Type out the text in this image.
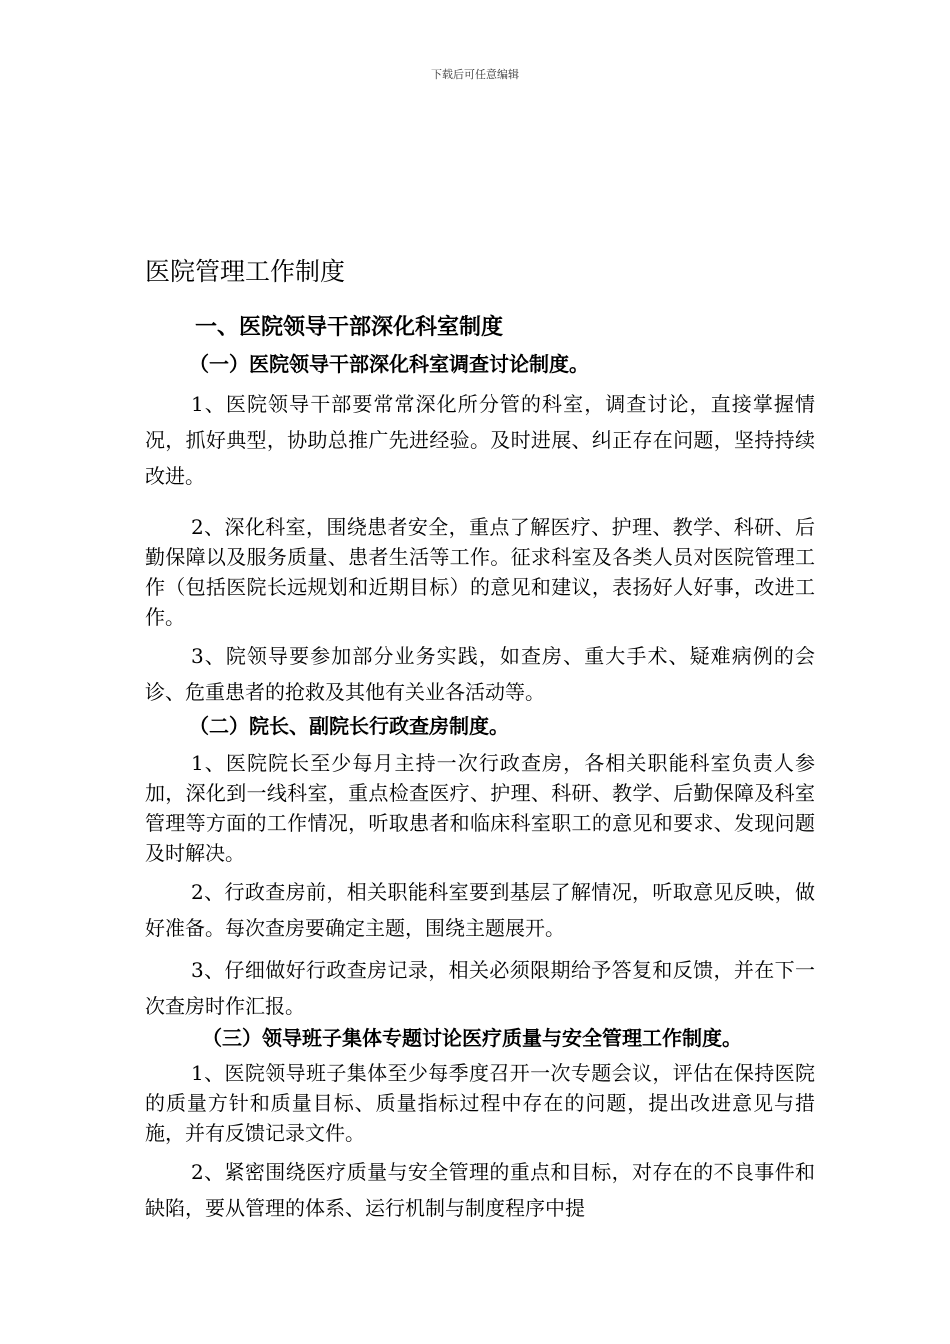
下载后可任意编辑
医院管理工作制度
一、医院领导干部深化科室制度
（一）医院领导干部深化科室调查讨论制度。

1、医院领导干部要常常深化所分管的科室，调查讨论，直接掌握情况，抓好典型，协助总推广先进经验。及时进展、纠正存在问题，坚持持续改进。

2、深化科室，围绕患者安全，重点了解医疗、护理、教学、科研、后勤保障以及服务质量、患者生活等工作。征求科室及各类人员对医院管理工作（包括医院长远规划和近期目标）的意见和建议，表扬好人好事，改进工作。

3、院领导要参加部分业务实践，如查房、重大手术、疑难病例的会诊、危重患者的抢救及其他有关业各活动等。

（二）院长、副院长行政查房制度。

1、医院院长至少每月主持一次行政查房，各相关职能科室负责人参加，深化到一线科室，重点检查医疗、护理、科研、教学、后勤保障及科室管理等方面的工作情况，听取患者和临床科室职工的意见和要求、发现问题及时解决。

2、行政查房前，相关职能科室要到基层了解情况，听取意见反映，做好准备。每次查房要确定主题，围绕主题展开。

3、仔细做好行政查房记录，相关必须限期给予答复和反馈，并在下一次查房时作汇报。

（三）领导班子集体专题讨论医疗质量与安全管理工作制度。

1、医院领导班子集体至少每季度召开一次专题会议，评估在保持医院的质量方针和质量目标、质量指标过程中存在的问题，提出改进意见与措施，并有反馈记录文件。

2、紧密围绕医疗质量与安全管理的重点和目标，对存在的不良事件和缺陷，要从管理的体系、运行机制与制度程序中提
